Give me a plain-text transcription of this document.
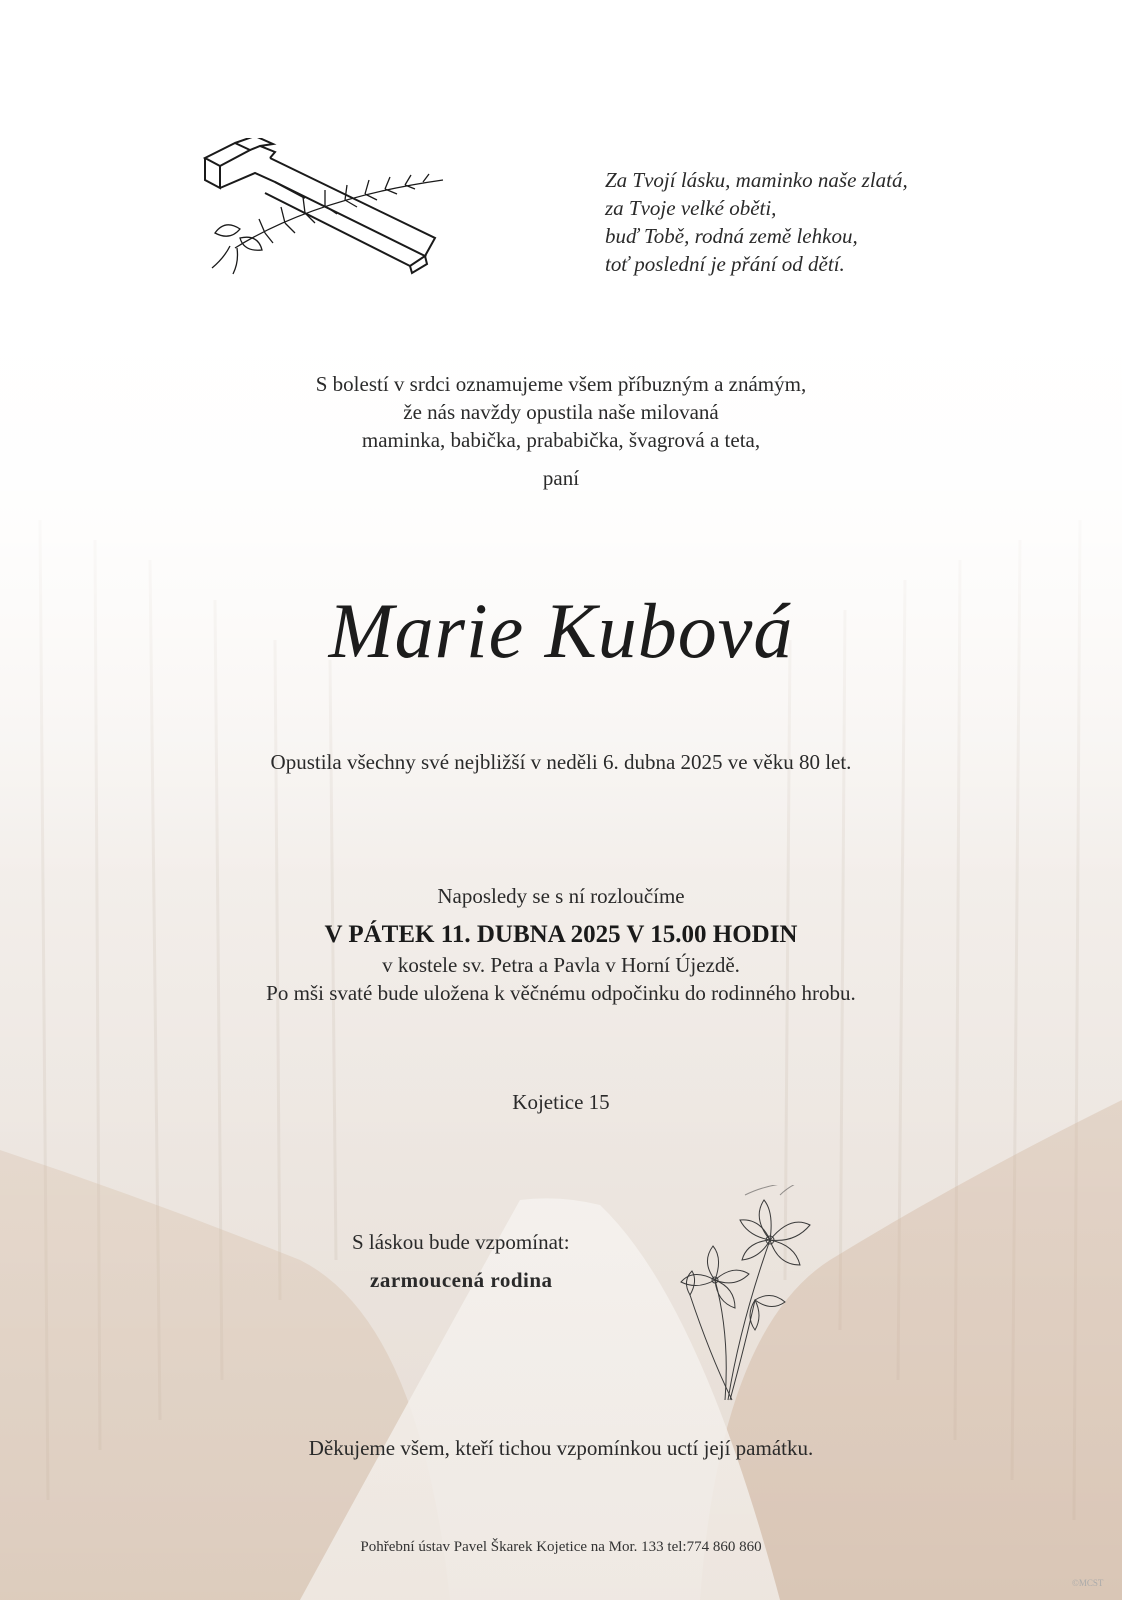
Za Tvojí lásku, maminko naše zlatá,
za Tvoje velké oběti,
buď Tobě, rodná země lehkou,
toť poslední je přání od dětí.
S bolestí v srdci oznamujeme všem příbuzným a známým,
že nás navždy opustila naše milovaná
maminka, babička, prababička, švagrová a teta,
paní
Marie Kubová
Opustila všechny své nejbližší v neděli 6. dubna 2025 ve věku 80 let.
Naposledy se s ní rozloučíme
V PÁTEK 11. DUBNA 2025 V 15.00 HODIN
v kostele sv. Petra a Pavla v Horní Újezdě.
Po mši svaté bude uložena k věčnému odpočinku do rodinného hrobu.
Kojetice 15
S láskou bude vzpomínat:
zarmoucená rodina
Děkujeme všem, kteří tichou vzpomínkou uctí její památku.
Pohřební ústav Pavel Škarek Kojetice na Mor. 133 tel:774 860 860
©MCST
